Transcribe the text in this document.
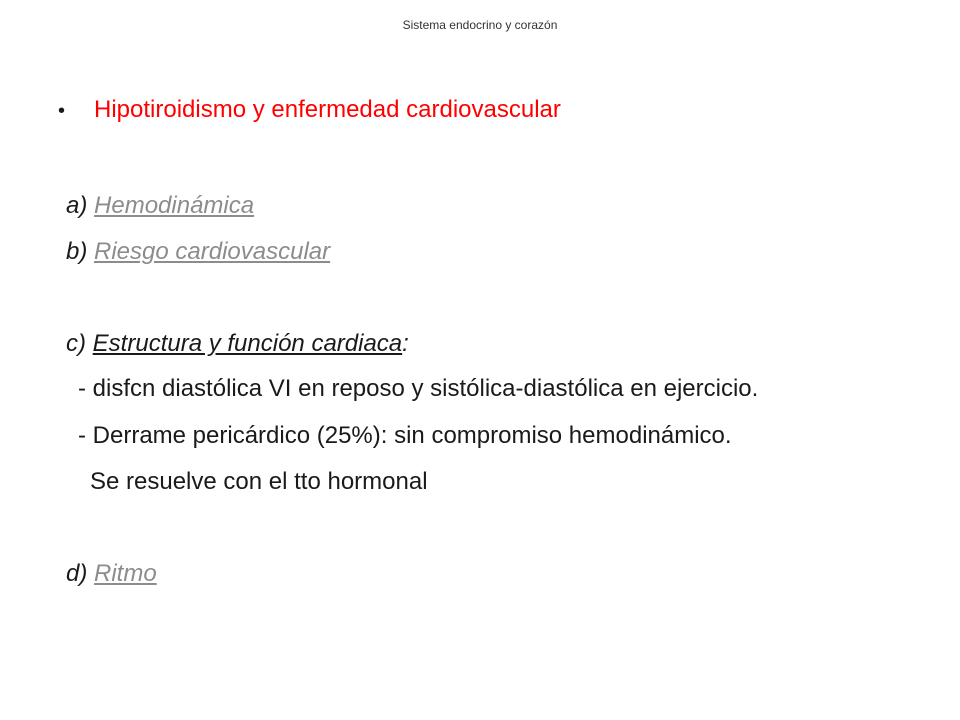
Sistema endocrino y corazón
• Hipotiroidismo y enfermedad cardiovascular
a) Hemodinámica
b) Riesgo cardiovascular
c) Estructura y función cardiaca:
- disfcn diastólica VI en reposo y sistólica-diastólica en ejercicio.
- Derrame pericárdico (25%): sin compromiso hemodinámico.
Se resuelve con el tto hormonal
d) Ritmo
